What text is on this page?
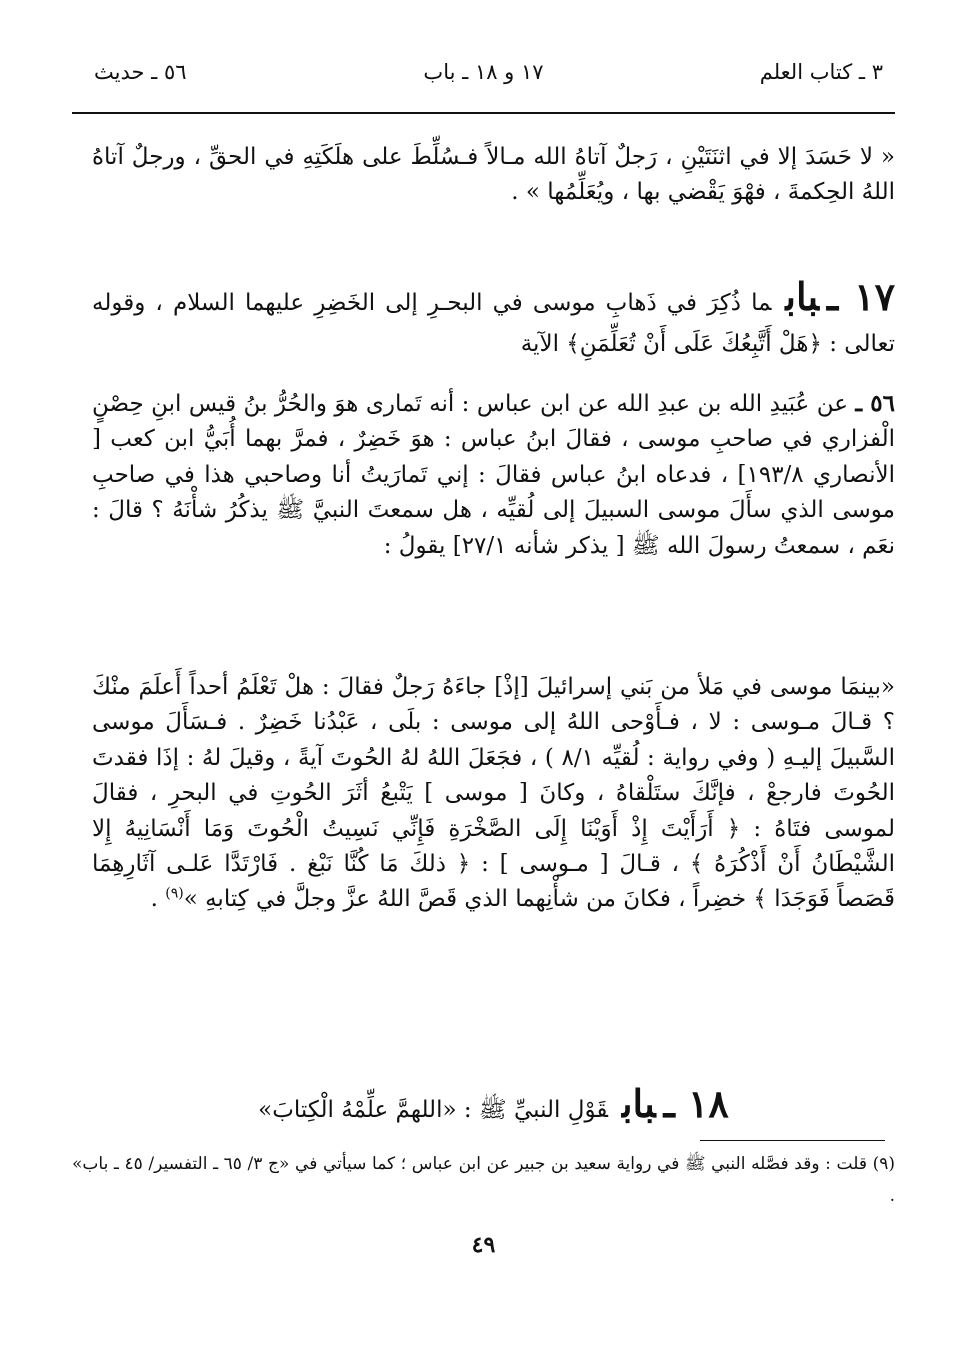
٣ ـ كتاب العلم
١٧ و ١٨ ـ باب
٥٦ ـ حديث

« لا حَسَدَ إلا في اثنَتَيْنِ ، رَجلٌ آتاهُ الله مـالاً فـسُلِّطَ على هلَكَتِهِ في الحقِّ ، ورجلٌ آتاهُ اللهُ الحِكمةَ ، فهْوَ يَقْضي بها ، ويُعَلِّمُها » .

١٧ ـبابما ذُكِرَ في ذَهابِ موسى في البحـرِ إلى الخَضِرِ عليهما السلام ، وقوله تعالى : ﴿هَلْ أَتَّبِعُكَ عَلَى أَنْ تُعَلِّمَنِ﴾ الآية

٥٦ ـ عن عُبَيدِ الله بن عبدِ الله عن ابن عباس : أنه تَمارى هوَ والحُرُّ بنُ قيس ابنِ حِصْنٍ الْفزاري في صاحبِ موسى ، فقالَ ابنُ عباس : هوَ خَضِرٌ ، فمرَّ بهما أُبَيُّ ابن كعب [ الأنصاري ١٩٣/٨] ، فدعاه ابنُ عباس فقالَ : إني تَمارَيتُ أنا وصاحبي هذا في صاحبِ موسى الذي سأَلَ موسى السبيلَ إلى لُقيِّه ، هل سمعتَ النبيَّ ﷺ يذكُرُ شأْنَهُ ؟ قالَ : نعَم ، سمعتُ رسولَ الله ﷺ [ يذكر شأنه ٢٧/١] يقولُ :

«بينمَا موسى في مَلأ من بَني إسرائيلَ [إذْ] جاءَهُ رَجلٌ فقالَ : هلْ تَعْلَمُ أحداً أَعلَمَ منْكَ ؟ قـالَ مـوسى : لا ، فـأَوْحى اللهُ إلى موسى : بلَى ، عَبْدُنا خَضِرٌ . فـسَأَلَ موسى السَّبيلَ إليـهِ ( وفي رواية : لُقيِّه ٨/١ ) ، فجَعَلَ اللهُ لهُ الحُوتَ آيةً ، وقيلَ لهُ : إذَا فقدتَ الحُوتَ فارجعْ ، فإنَّكَ ستَلْقاهُ ، وكانَ [ موسى ] يَتْبعُ أثَرَ الحُوتِ في البحرِ ، فقالَ لموسى فتَاهُ : ﴿ أَرَأَيْتَ إِذْ أَوَيْنَا إِلَى الصَّخْرَةِ فَإِنِّي نَسِيتُ الْحُوتَ وَمَا أَنْسَانِيهُ إِلا الشَّيْطَانُ أَنْ أَذْكُرَهُ ﴾ ، قـالَ [ مـوسى ] : ﴿ ذلكَ مَا كُنَّا نَبْغ . فَارْتَدَّا عَلـى آثَارِهِمَا قَصَصاً فَوَجَدَا ﴾ خضِراً ، فكانَ من شأْنِهما الذي قَصَّ اللهُ عزَّ وجلَّ في كِتابهِ »$^{(٩)}$ .

١٨ ـبابقَوْلِ النبيِّ ﷺ : «اللهمَّ علِّمْهُ الْكِتابَ»

(٩) قلت : وقد فصَّله النبي ﷺ في رواية سعيد بن جبير عن ابن عباس ؛ كما سيأتي في «ج ٣/ ٦٥ ـ التفسير/ ٤٥ ـ باب» .

٤٩
